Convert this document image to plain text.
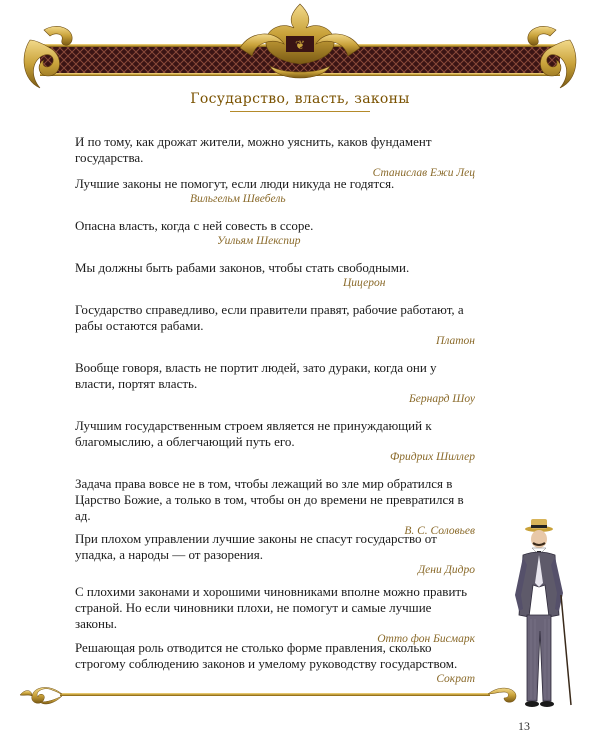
❦
Государство, власть, законы

И по тому, как дрожат жители, можно уяснить, каков фундамент государства.

Станислав Ежи Лец

Лучшие законы не помогут, если люди никуда не годятся.

Вильгельм Швебель

Опасна власть, когда с ней совесть в ссоре.

Уильям Шекспир

Мы должны быть рабами законов, чтобы стать свободными.

Цицерон

Государство справедливо, если правители правят, рабочие работают, а рабы остаются рабами.

Платон

Вообще говоря, власть не портит людей, зато дураки, когда они у власти, портят власть.

Бернард Шоу

Лучшим государственным строем является не принуждающий к благомыслию, а облегчающий путь его.

Фридрих Шиллер

Задача права вовсе не в том, чтобы лежащий во зле мир обратился в Царство Божие, а только в том, чтобы он до времени не превратился в ад.

В. С. Соловьев

При плохом управлении лучшие законы не спасут государство от упадка, а народы — от разорения.

Дени Дидро

С плохими законами и хорошими чиновниками вполне можно править страной. Но если чиновники плохи, не помогут и самые лучшие законы.

Отто фон Бисмарк

Решающая роль отводится не столько форме правления, сколько строгому соблюдению законов и умелому руководству государством.

Сократ

13
